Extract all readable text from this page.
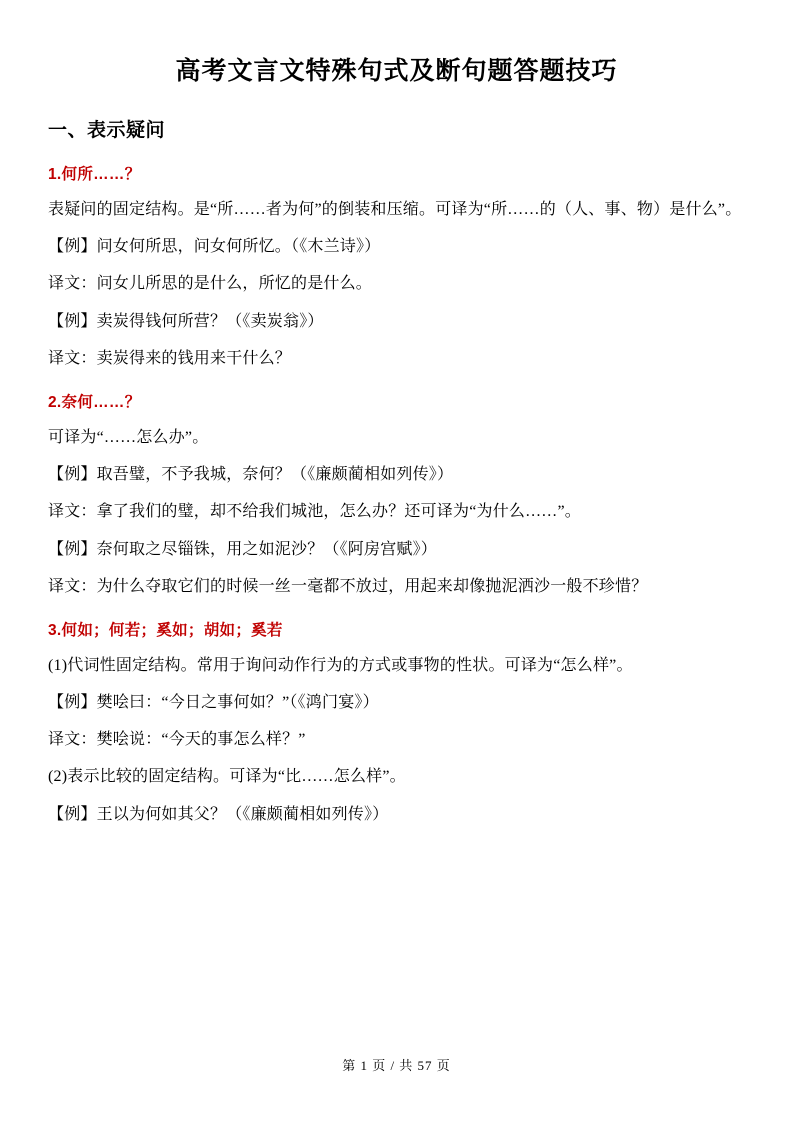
高考文言文特殊句式及断句题答题技巧
一、表示疑问
1.何所……？

表疑问的固定结构。是“所……者为何”的倒装和压缩。可译为“所……的（人、事、物）是什么”。

【例】问女何所思，问女何所忆。（《木兰诗》）

译文：问女儿所思的是什么，所忆的是什么。

【例】卖炭得钱何所营？（《卖炭翁》）

译文：卖炭得来的钱用来干什么？

2.奈何……？

可译为“……怎么办”。

【例】取吾璧，不予我城，奈何？（《廉颇蔺相如列传》）

译文：拿了我们的璧，却不给我们城池，怎么办？还可译为“为什么……”。

【例】奈何取之尽锱铢，用之如泥沙？（《阿房宫赋》）

译文：为什么夺取它们的时候一丝一毫都不放过，用起来却像抛泥洒沙一般不珍惜？

3.何如；何若；奚如；胡如；奚若

(1)代词性固定结构。常用于询问动作行为的方式或事物的性状。可译为“怎么样”。

【例】樊哙曰：“今日之事何如？”（《鸿门宴》）

译文：樊哙说：“今天的事怎么样？”

(2)表示比较的固定结构。可译为“比……怎么样”。

【例】王以为何如其父？（《廉颇蔺相如列传》）

第 1 页 / 共 57 页
